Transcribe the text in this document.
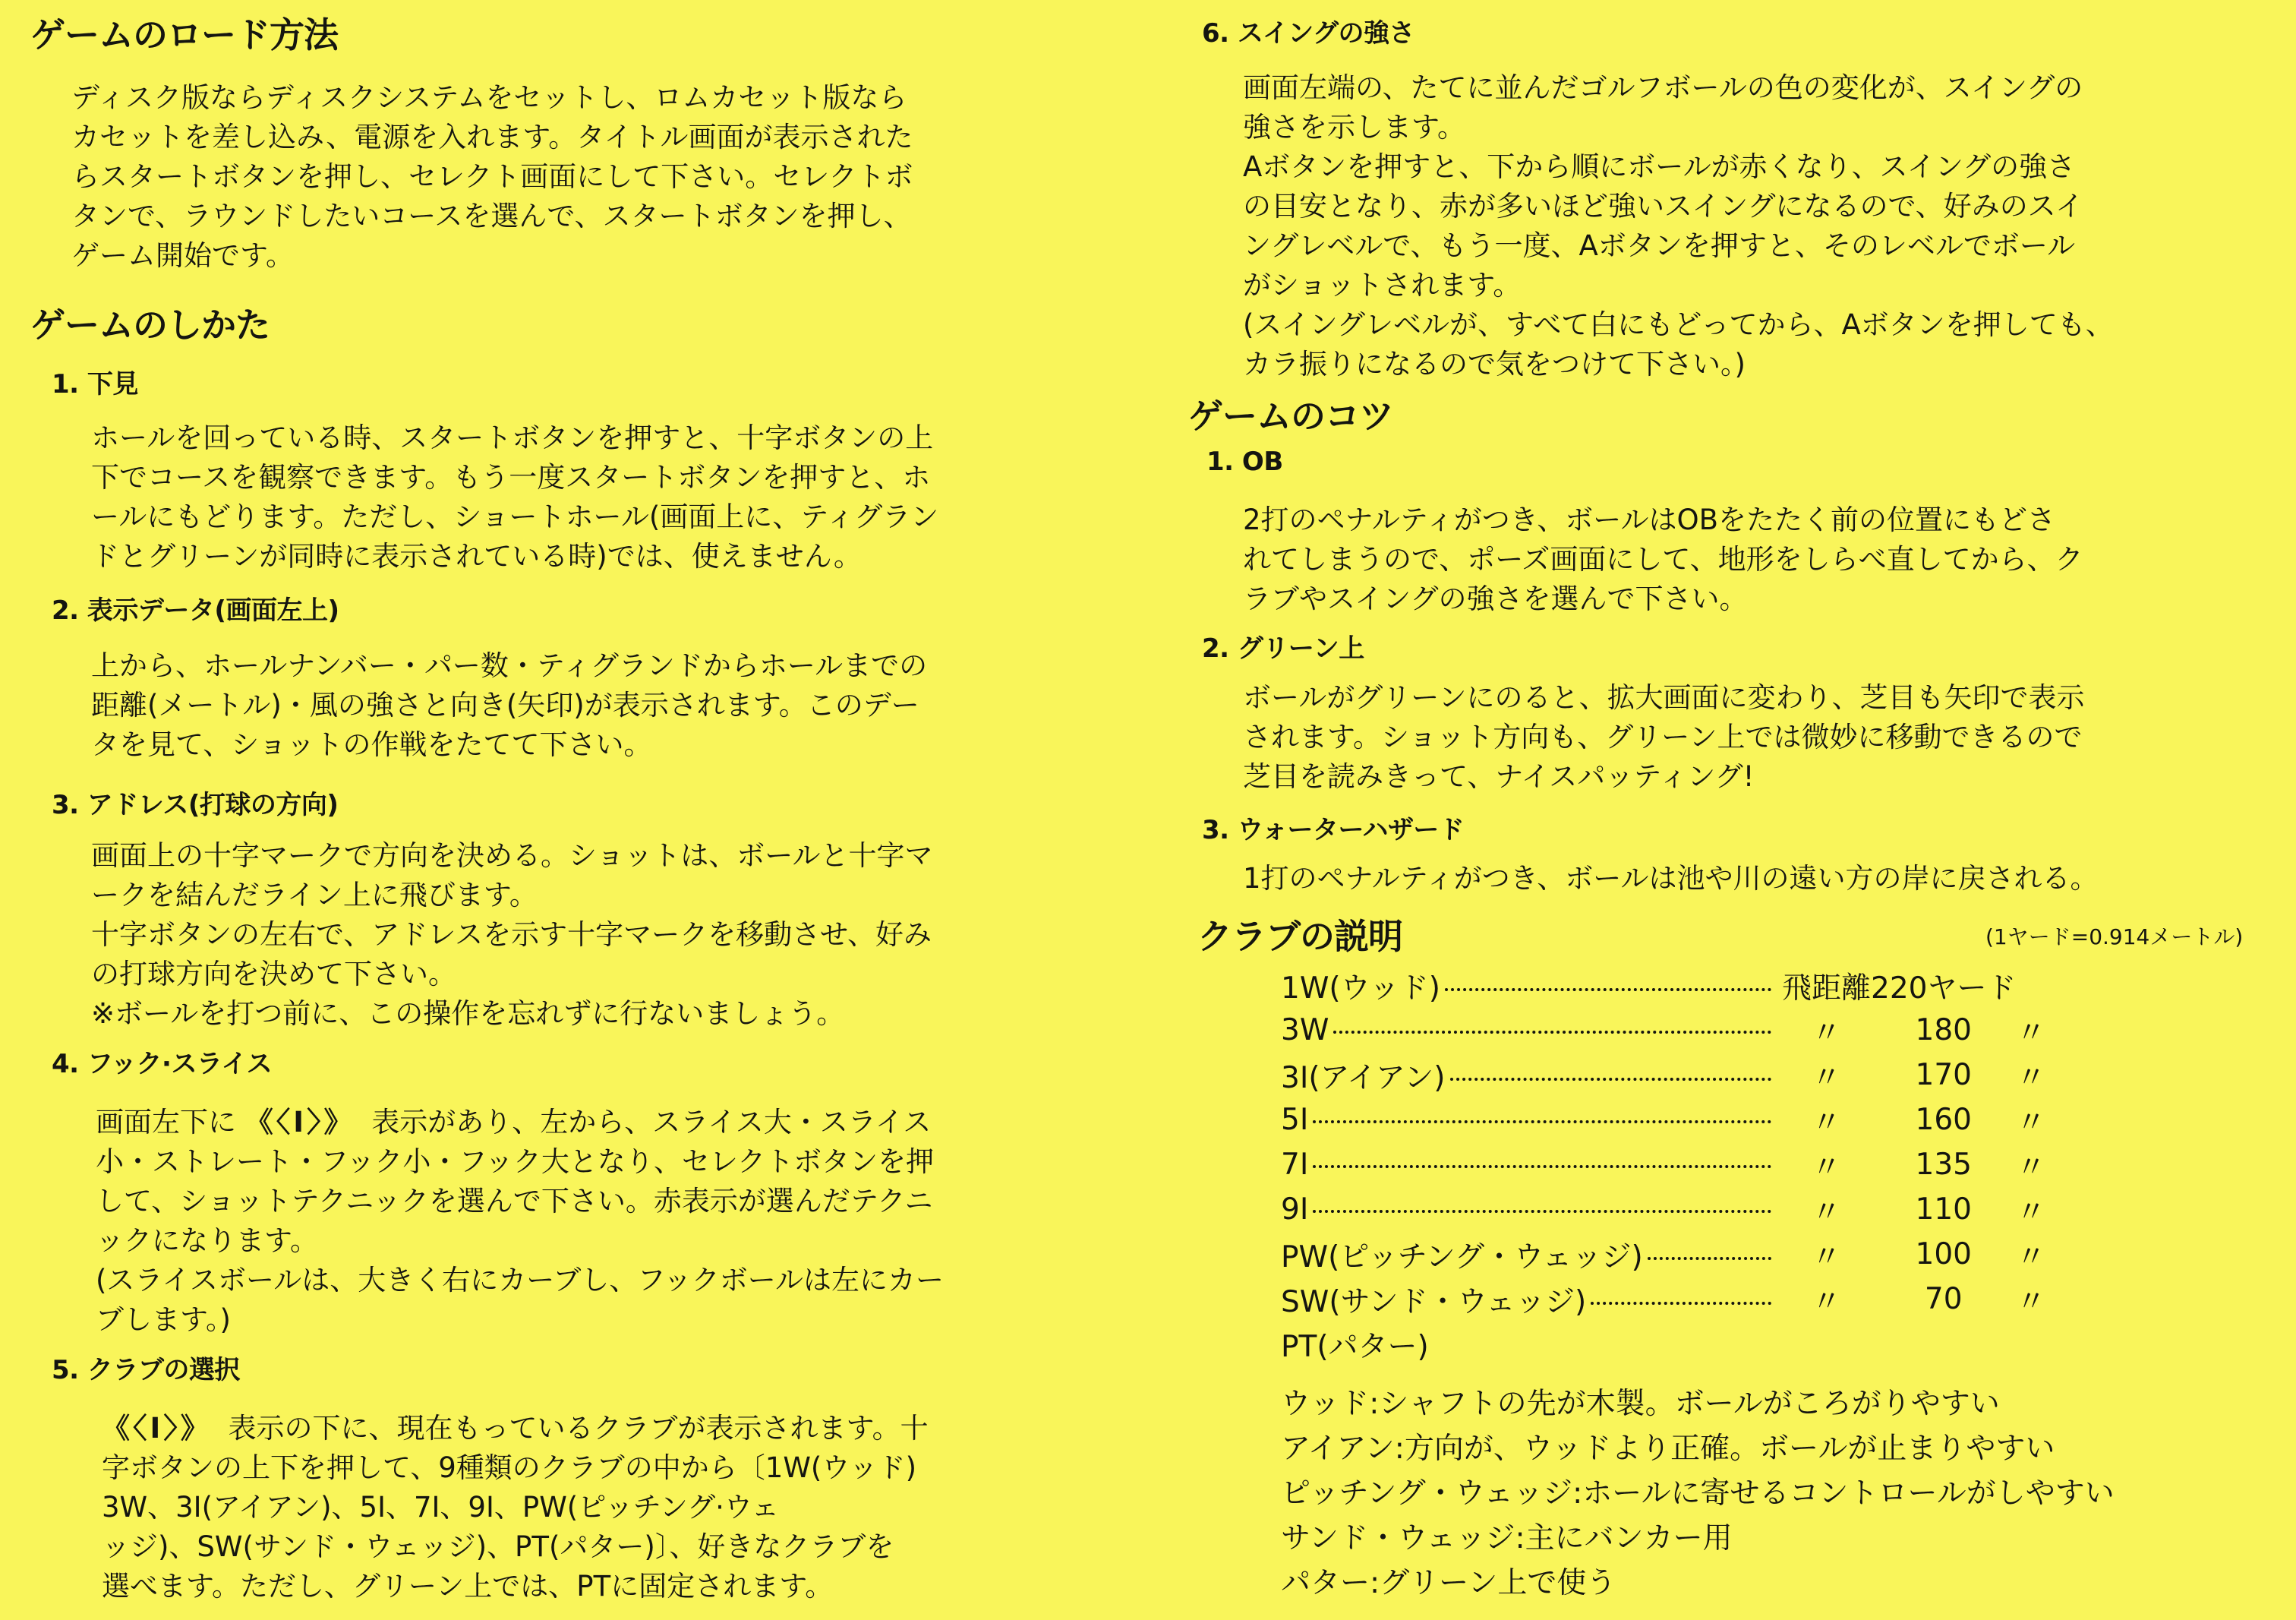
ゲームのロード方法

ディスク版ならディスクシステムをセットし、ロムカセット版なら

カセットを差し込み、電源を入れます。タイトル画面が表示された

らスタートボタンを押し、セレクト画面にして下さい。セレクトボ

タンで、ラウンドしたいコースを選んで、スタートボタンを押し、

ゲーム開始です。

ゲームのしかた
1. 下見

ホールを回っている時、スタートボタンを押すと、十字ボタンの上

下でコースを観察できます。もう一度スタートボタンを押すと、ホ

ールにもどります。ただし、ショートホール(画面上に、ティグラン

ドとグリーンが同時に表示されている時)では、使えません。

2. 表示データ(画面左上)

上から、ホールナンバー・パー数・ティグランドからホールまでの

距離(メートル)・風の強さと向き(矢印)が表示されます。このデー

タを見て、ショットの作戦をたてて下さい。

3. アドレス(打球の方向)

画面上の十字マークで方向を決める。ショットは、ボールと十字マ

ークを結んだライン上に飛びます。

十字ボタンの左右で、アドレスを示す十字マークを移動させ、好み

の打球方向を決めて下さい。

※ボールを打つ前に、この操作を忘れずに行ないましょう。

4. フック·スライス

画面左下に 《〈I〉》 表示があり、左から、スライス大・スライス

小・ストレート・フック小・フック大となり、セレクトボタンを押

して、ショットテクニックを選んで下さい。赤表示が選んだテクニ

ックになります。

(スライスボールは、大きく右にカーブし、フックボールは左にカー

ブします。)

5. クラブの選択

《〈I〉》 表示の下に、現在もっているクラブが表示されます。十

字ボタンの上下を押して、9種類のクラブの中から〔1W(ウッド)

3W、3I(アイアン)、5I、7I、9I、PW(ピッチング·ウェ

ッジ)、SW(サンド・ウェッジ)、PT(パター)〕、好きなクラブを

選べます。ただし、グリーン上では、PTに固定されます。

6. スイングの強さ

画面左端の、たてに並んだゴルフボールの色の変化が、スイングの

強さを示します。

Aボタンを押すと、下から順にボールが赤くなり、スイングの強さ

の目安となり、赤が多いほど強いスイングになるので、好みのスイ

ングレベルで、もう一度、Aボタンを押すと、そのレベルでボール

がショットされます。

(スイングレベルが、すべて白にもどってから、Aボタンを押しても、

カラ振りになるので気をつけて下さい。)

ゲームのコツ
1. OB

2打のペナルティがつき、ボールはOBをたたく前の位置にもどさ

れてしまうので、ポーズ画面にして、地形をしらべ直してから、ク

ラブやスイングの強さを選んで下さい。

2. グリーン上

ボールがグリーンにのると、拡大画面に変わり、芝目も矢印で表示

されます。ショット方向も、グリーン上では微妙に移動できるので

芝目を読みきって、ナイスパッティング!

3. ウォーターハザード

1打のペナルティがつき、ボールは池や川の遠い方の岸に戻される。

クラブの説明	(1ヤード=0.914メートル)
1W(ウッド)	飛距離	220ヤード	
3W	〃	180	〃
3I(アイアン)	〃	170	〃
5I	〃	160	〃
7I	〃	135	〃
9I	〃	110	〃
PW(ピッチング・ウェッジ)	〃	100	〃
SW(サンド・ウェッジ)	〃	70	〃
PT(パター)			
ウッド:シャフトの先が木製。ボールがころがりやすい
アイアン:方向が、ウッドより正確。ボールが止まりやすい
ピッチング・ウェッジ:ホールに寄せるコントロールがしやすい
サンド・ウェッジ:主にバンカー用
パター:グリーン上で使う
